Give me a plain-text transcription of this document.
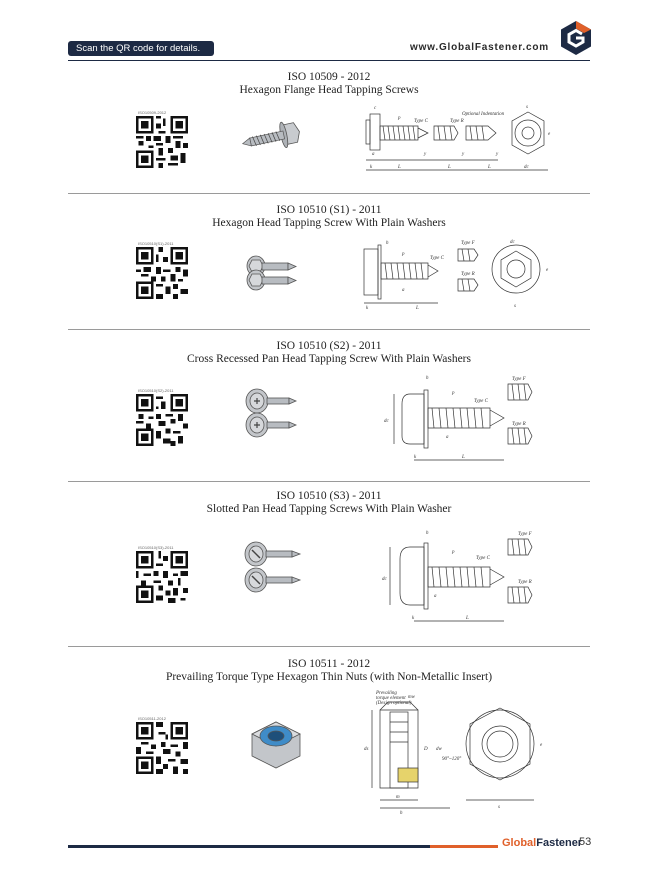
Scan the QR code for details.	www.GlobalFastener.com
ISO 10509 - 2012
Hexagon Flange Head Tapping Screws
ISO10509-2012
c
p
Type C	Type R
Optional Indentation
s
a	y	y	y
k	L	L	L	dc
e
ISO 10510 (S1) - 2011
Hexagon Head Tapping Screw With Plain Washers
ISO10510(S1)-2011	h
p
Type C
Type F
Type R
dc
e
a
k	L	s
ISO 10510 (S2) - 2011
Cross Recessed Pan Head Tapping Screw With Plain Washers
ISO10510(S2)-2011
h
p
Type C
Type F
Type R
dc
a
k	L
ISO 10510 (S3) - 2011
Slotted Pan Head Tapping Screws With Plain Washer
ISO10510(S3)-2011
h
p
Type C
Type F
Type R
dc
a
k	L
ISO 10511 - 2012
Prevailing Torque Type Hexagon Thin Nuts (with Non-Metallic Insert)
ISO10511-2012
Prevailing
torque element
(Design optional)
mw
90°~120°
ds	D dw
m
h
e
s
GlobalFastener
53
